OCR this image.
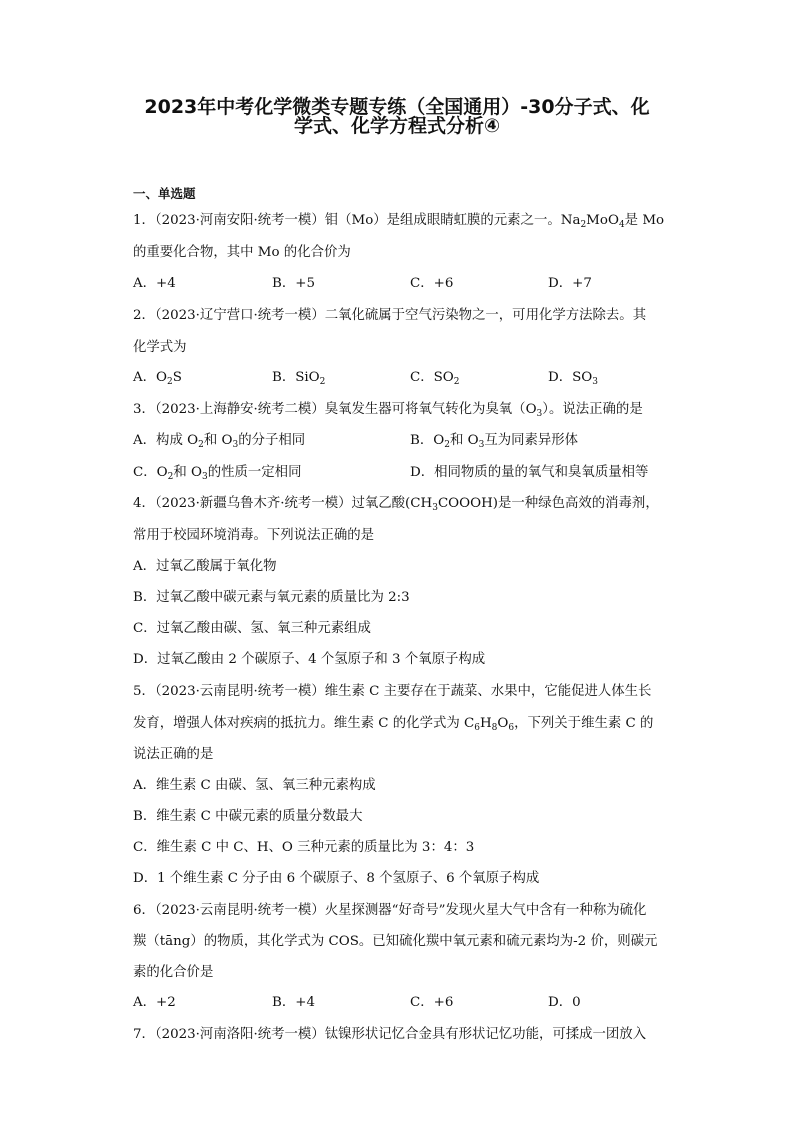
2023年中考化学微类专题专练（全国通用）-30分子式、化
学式、化学方程式分析④
一、单选题
1．（2023·河南安阳·统考一模）钼（Mo）是组成眼睛虹膜的元素之一。$Na_2MoO_4$是 Mo
的重要化合物，其中 Mo 的化合价为
A．+4	B．+5	C．+6	D．+7
2．（2023·辽宁营口·统考一模）二氧化硫属于空气污染物之一，可用化学方法除去。其
化学式为
A．$O_2S$	B．SiO$_2$	C．$SO_2$	D．$SO_3$
3．（2023·上海静安·统考二模）臭氧发生器可将氧气转化为臭氧$(O_3)$。说法正确的是
A．构成 $O_2$和 $O_3$的分子相同	B．$O_2$和 $O_3$互为同素异形体
C．$O_2$和 $O_3$的性质一定相同	D．相同物质的量的氧气和臭氧质量相等
4．（2023·新疆乌鲁木齐·统考一模）过氧乙酸$(CH_3COOOH)$是一种绿色高效的消毒剂，
常用于校园环境消毒。下列说法正确的是
A．过氧乙酸属于氧化物
B．过氧乙酸中碳元素与氧元素的质量比为 2:3
C．过氧乙酸由碳、氢、氧三种元素组成
D．过氧乙酸由 2 个碳原子、4 个氢原子和 3 个氧原子构成
5．（2023·云南昆明·统考一模）维生素 C 主要存在于蔬菜、水果中，它能促进人体生长
发育，增强人体对疾病的抵抗力。维生素 C 的化学式为 $C_6H_8O_6$，下列关于维生素 C 的
说法正确的是
A．维生素 C 由碳、氢、氧三种元素构成
B．维生素 C 中碳元素的质量分数最大
C．维生素 C 中 C、H、O 三种元素的质量比为 3：4：3
D．1 个维生素 C 分子由 6 个碳原子、8 个氢原子、6 个氧原子构成
6．（2023·云南昆明·统考一模）火星探测器“好奇号”发现火星大气中含有一种称为硫化
羰（tāng）的物质，其化学式为 COS。已知硫化羰中氧元素和硫元素均为-2 价，则碳元
素的化合价是
A．+2	B．+4	C．+6	D．0
7．（2023·河南洛阳·统考一模）钛镍形状记忆合金具有形状记忆功能，可揉成一团放入
